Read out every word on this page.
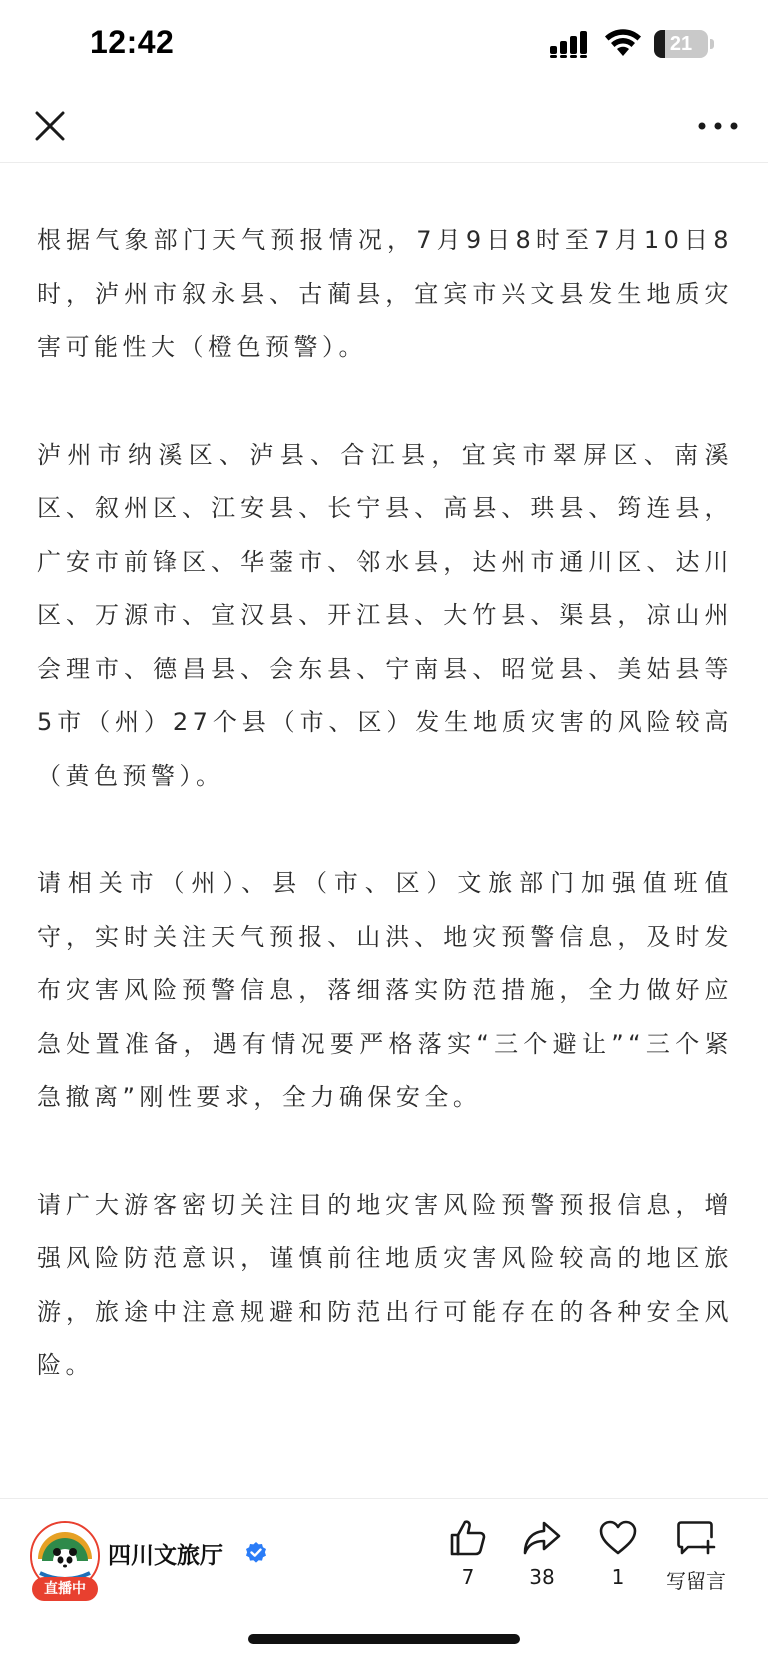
12:42	21

根据气象部门天气预报情况，7月9日8时至7月10日8时，泸州市叙永县、古蔺县，宜宾市兴文县发生地质灾害可能性大（橙色预警）。

泸州市纳溪区、泸县、合江县，宜宾市翠屏区、南溪区、叙州区、江安县、长宁县、高县、珙县、筠连县，广安市前锋区、华蓥市、邻水县，达州市通川区、达川区、万源市、宣汉县、开江县、大竹县、渠县，凉山州会理市、德昌县、会东县、宁南县、昭觉县、美姑县等5市（州）27个县（市、区）发生地质灾害的风险较高（黄色预警）。

请相关市（州）、县（市、区）文旅部门加强值班值守，实时关注天气预报、山洪、地灾预警信息，及时发布灾害风险预警信息，落细落实防范措施，全力做好应急处置准备，遇有情况要严格落实“三个避让”“三个紧急撤离”刚性要求，全力确保安全。

请广大游客密切关注目的地灾害风险预警预报信息，增强风险防范意识，谨慎前往地质灾害风险较高的地区旅游，旅途中注意规避和防范出行可能存在的各种安全风险。

直播中
四川文旅厅
7	38	1	写留言
